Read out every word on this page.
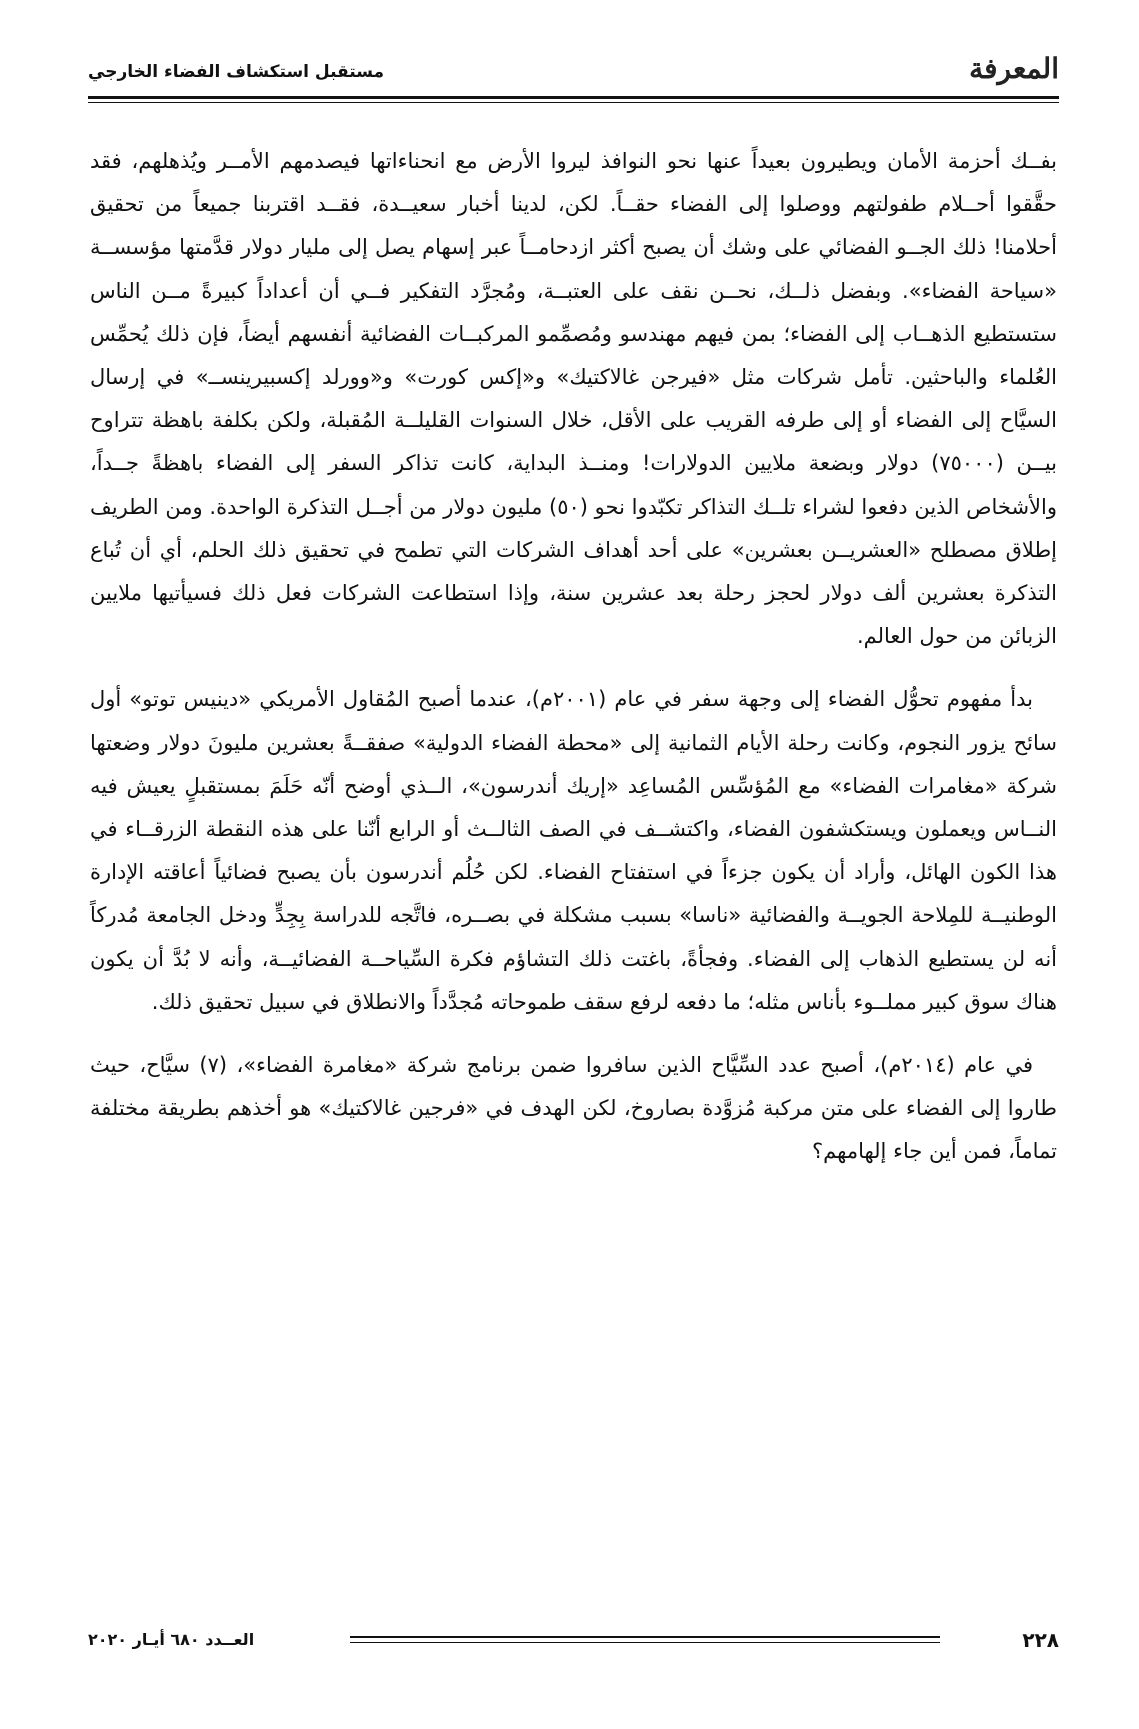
المعرفة
مستقبل استكشاف الفضاء الخارجي

بفــك أحزمة الأمان ويطيرون بعيداً عنها نحو النوافذ ليروا الأرض مع انحناءاتها فيصدمهم الأمــر ويُذهلهم، فقد حقَّقوا أحــلام طفولتهم ووصلوا إلى الفضاء حقــاً. لكن، لدينا أخبار سعيــدة، فقــد اقتربنا جميعاً من تحقيق أحلامنا! ذلك الجــو الفضائي على وشك أن يصبح أكثر ازدحامــاً عبر إسهام يصل إلى مليار دولار قدَّمتها مؤسســة «سياحة الفضاء». وبفضل ذلــك، نحــن نقف على العتبــة، ومُجرَّد التفكير فــي أن أعداداً كبيرةً مــن الناس ستستطيع الذهــاب إلى الفضاء؛ بمن فيهم مهندسو ومُصمِّمو المركبــات الفضائية أنفسهم أيضاً، فإن ذلك يُحمِّس العُلماء والباحثين. تأمل شركات مثل «فيرجن غالاكتيك» و«إكس كورت» و«وورلد إكسبيرينســ» في إرسال السيَّاح إلى الفضاء أو إلى طرفه القريب على الأقل، خلال السنوات القليلــة المُقبلة، ولكن بكلفة باهظة تتراوح بيــن (٧٥٠٠٠) دولار وبضعة ملايين الدولارات! ومنــذ البداية، كانت تذاكر السفر إلى الفضاء باهظةً جــداً، والأشخاص الذين دفعوا لشراء تلــك التذاكر تكبّدوا نحو (٥٠) مليون دولار من أجــل التذكرة الواحدة. ومن الطريف إطلاق مصطلح «العشريــن بعشرين» على أحد أهداف الشركات التي تطمح في تحقيق ذلك الحلم، أي أن تُباع التذكرة بعشرين ألف دولار لحجز رحلة بعد عشرين سنة، وإذا استطاعت الشركات فعل ذلك فسيأتيها ملايين الزبائن من حول العالم.

بدأ مفهوم تحوُّل الفضاء إلى وجهة سفر في عام (٢٠٠١م)، عندما أصبح المُقاول الأمريكي «دينيس توتو» أول سائح يزور النجوم، وكانت رحلة الأيام الثمانية إلى «محطة الفضاء الدولية» صفقــةً بعشرين مليونَ دولار وضعتها شركة «مغامرات الفضاء» مع المُؤسِّس المُساعِد «إريك أندرسون»، الــذي أوضح أنّه حَلَمَ بمستقبلٍ يعيش فيه النــاس ويعملون ويستكشفون الفضاء، واكتشــف في الصف الثالــث أو الرابع أنّنا على هذه النقطة الزرقــاء في هذا الكون الهائل، وأراد أن يكون جزءاً في استفتاح الفضاء. لكن حُلُم أندرسون بأن يصبح فضائياً أعاقته الإدارة الوطنيــة للمِلاحة الجويــة والفضائية «ناسا» بسبب مشكلة في بصــره، فاتَّجه للدراسة بِجِدٍّ ودخل الجامعة مُدركاً أنه لن يستطيع الذهاب إلى الفضاء. وفجأةً، باغتت ذلك التشاؤم فكرة السِّياحــة الفضائيــة، وأنه لا بُدَّ أن يكون هناك سوق كبير مملــوء بأناس مثله؛ ما دفعه لرفع سقف طموحاته مُجدَّداً والانطلاق في سبيل تحقيق ذلك.

في عام (٢٠١٤م)، أصبح عدد السِّيَّاح الذين سافروا ضمن برنامج شركة «مغامرة الفضاء»، (٧) سيَّاح، حيث طاروا إلى الفضاء على متن مركبة مُزوَّدة بصاروخ، لكن الهدف في «فرجين غالاكتيك» هو أخذهم بطريقة مختلفة تماماً، فمن أين جاء إلهامهم؟

العــدد ٦٨٠ أيـار ٢٠٢٠	٢٢٨
